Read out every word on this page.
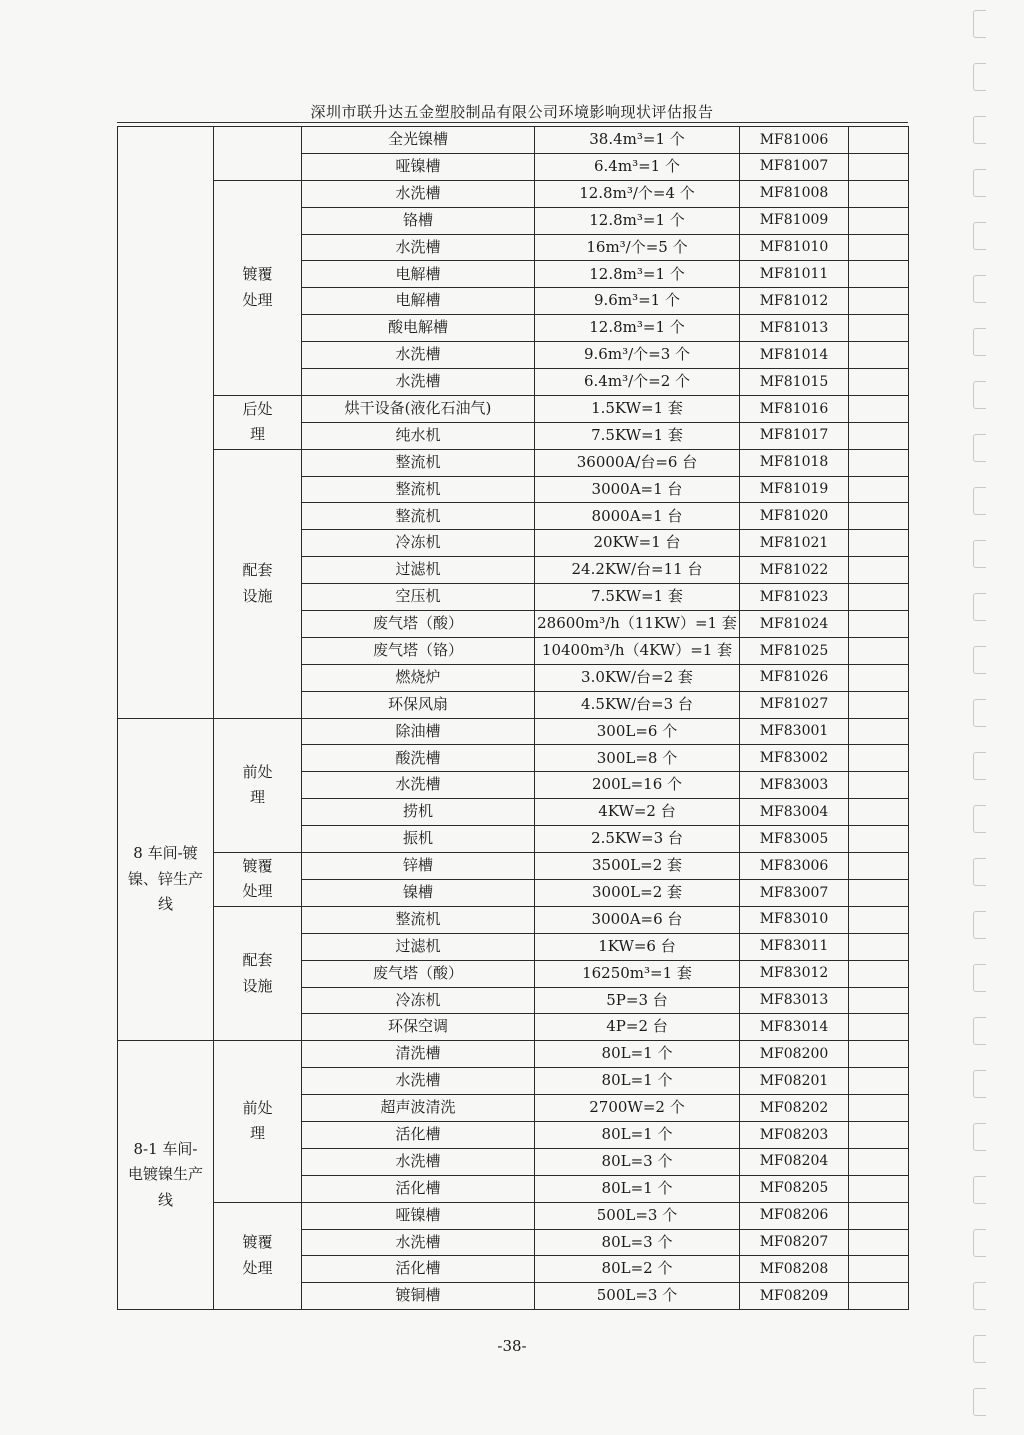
深圳市联升达五金塑胶制品有限公司环境影响现状评估报告
		全光镍槽	38.4m³=1 个	MF81006	
		哑镍槽	6.4m³=1 个	MF81007	
	镀覆处理	水洗槽	12.8m³/个=4 个	MF81008	
		铬槽	12.8m³=1 个	MF81009	
		水洗槽	16m³/个=5 个	MF81010	
		电解槽	12.8m³=1 个	MF81011	
		电解槽	9.6m³=1 个	MF81012	
		酸电解槽	12.8m³=1 个	MF81013	
		水洗槽	9.6m³/个=3 个	MF81014	
		水洗槽	6.4m³/个=2 个	MF81015	
	后处理	烘干设备(液化石油气)	1.5KW=1 套	MF81016	
		纯水机	7.5KW=1 套	MF81017	
	配套设施	整流机	36000A/台=6 台	MF81018	
		整流机	3000A=1 台	MF81019	
		整流机	8000A=1 台	MF81020	
		冷冻机	20KW=1 台	MF81021	
		过滤机	24.2KW/台=11 台	MF81022	
		空压机	7.5KW=1 套	MF81023	
		废气塔（酸）	28600m³/h（11KW）=1 套	MF81024	
		废气塔（铬）	10400m³/h（4KW）=1 套	MF81025	
		燃烧炉	3.0KW/台=2 套	MF81026	
		环保风扇	4.5KW/台=3 台	MF81027	
8 车间-镀镍、锌生产线	前处理	除油槽	300L=6 个	MF83001	
		酸洗槽	300L=8 个	MF83002	
		水洗槽	200L=16 个	MF83003	
		捞机	4KW=2 台	MF83004	
		振机	2.5KW=3 台	MF83005	
	镀覆处理	锌槽	3500L=2 套	MF83006	
		镍槽	3000L=2 套	MF83007	
	配套设施	整流机	3000A=6 台	MF83010	
		过滤机	1KW=6 台	MF83011	
		废气塔（酸）	16250m³=1 套	MF83012	
		冷冻机	5P=3 台	MF83013	
		环保空调	4P=2 台	MF83014	
8-1 车间-电镀镍生产线	前处理	清洗槽	80L=1 个	MF08200	
		水洗槽	80L=1 个	MF08201	
		超声波清洗	2700W=2 个	MF08202	
		活化槽	80L=1 个	MF08203	
		水洗槽	80L=3 个	MF08204	
		活化槽	80L=1 个	MF08205	
	镀覆处理	哑镍槽	500L=3 个	MF08206	
		水洗槽	80L=3 个	MF08207	
		活化槽	80L=2 个	MF08208	
		镀铜槽	500L=3 个	MF08209	
-38-
